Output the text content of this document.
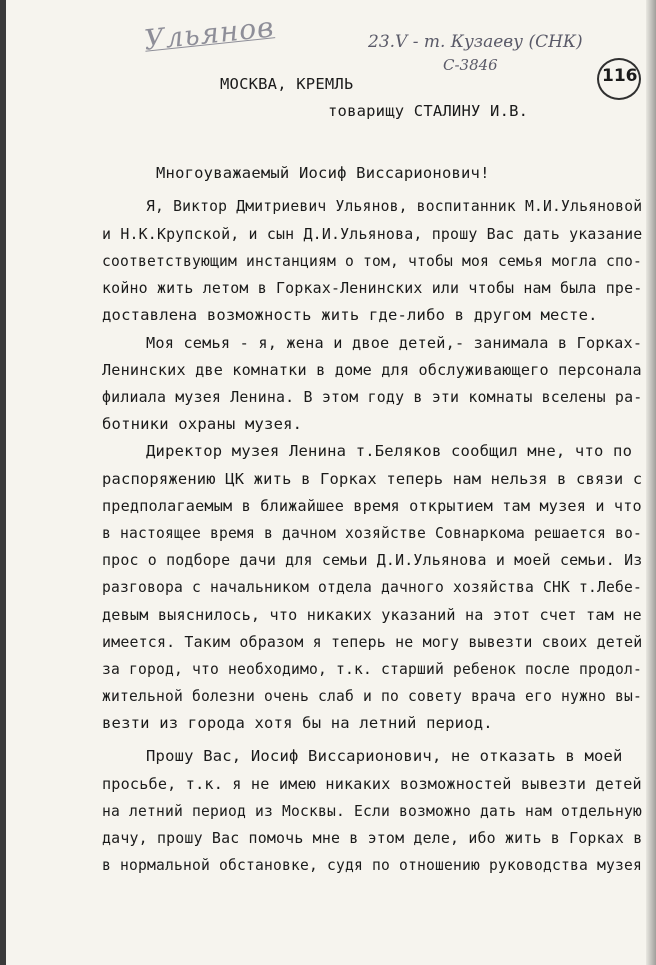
Ульянов	23.V - т. Кузаеву (СНК)
С-3846
116
МОСКВА, КРЕМЛЬ
товарищу СТАЛИНУ И.В.
Многоуважаемый Иосиф Виссарионович!
Я, Виктор Дмитриевич Ульянов, воспитанник М.И.Ульяновой
и Н.К.Крупской, и сын Д.И.Ульянова, прошу Вас дать указание
соответствующим инстанциям о том, чтобы моя семья могла спо-
койно жить летом в Горках-Ленинских или чтобы нам была пре-
доставлена возможность жить где-либо в другом месте.
Моя семья - я, жена и двое детей,- занимала в Горках-
Ленинских две комнатки в доме для обслуживающего персонала
филиала музея Ленина. В этом году в эти комнаты вселены ра-
ботники охраны музея.
Директор музея Ленина т.Беляков сообщил мне, что по
распоряжению ЦК жить в Горках теперь нам нельзя в связи с
предполагаемым в ближайшее время открытием там музея и что
в настоящее время в дачном хозяйстве Совнаркома решается во-
прос о подборе дачи для семьи Д.И.Ульянова и моей семьи. Из
разговора с начальником отдела дачного хозяйства СНК т.Лебе-
девым выяснилось, что никаких указаний на этот счет там не
имеется. Таким образом я теперь не могу вывезти своих детей
за город, что необходимо, т.к. старший ребенок после продол-
жительной болезни очень слаб и по совету врача его нужно вы-
везти из города хотя бы на летний период.
Прошу Вас, Иосиф Виссарионович, не отказать в моей
просьбе, т.к. я не имею никаких возможностей вывезти детей
на летний период из Москвы. Если возможно дать нам отдельную
дачу, прошу Вас помочь мне в этом деле, ибо жить в Горках в
в нормальной обстановке, судя по отношению руководства музея
